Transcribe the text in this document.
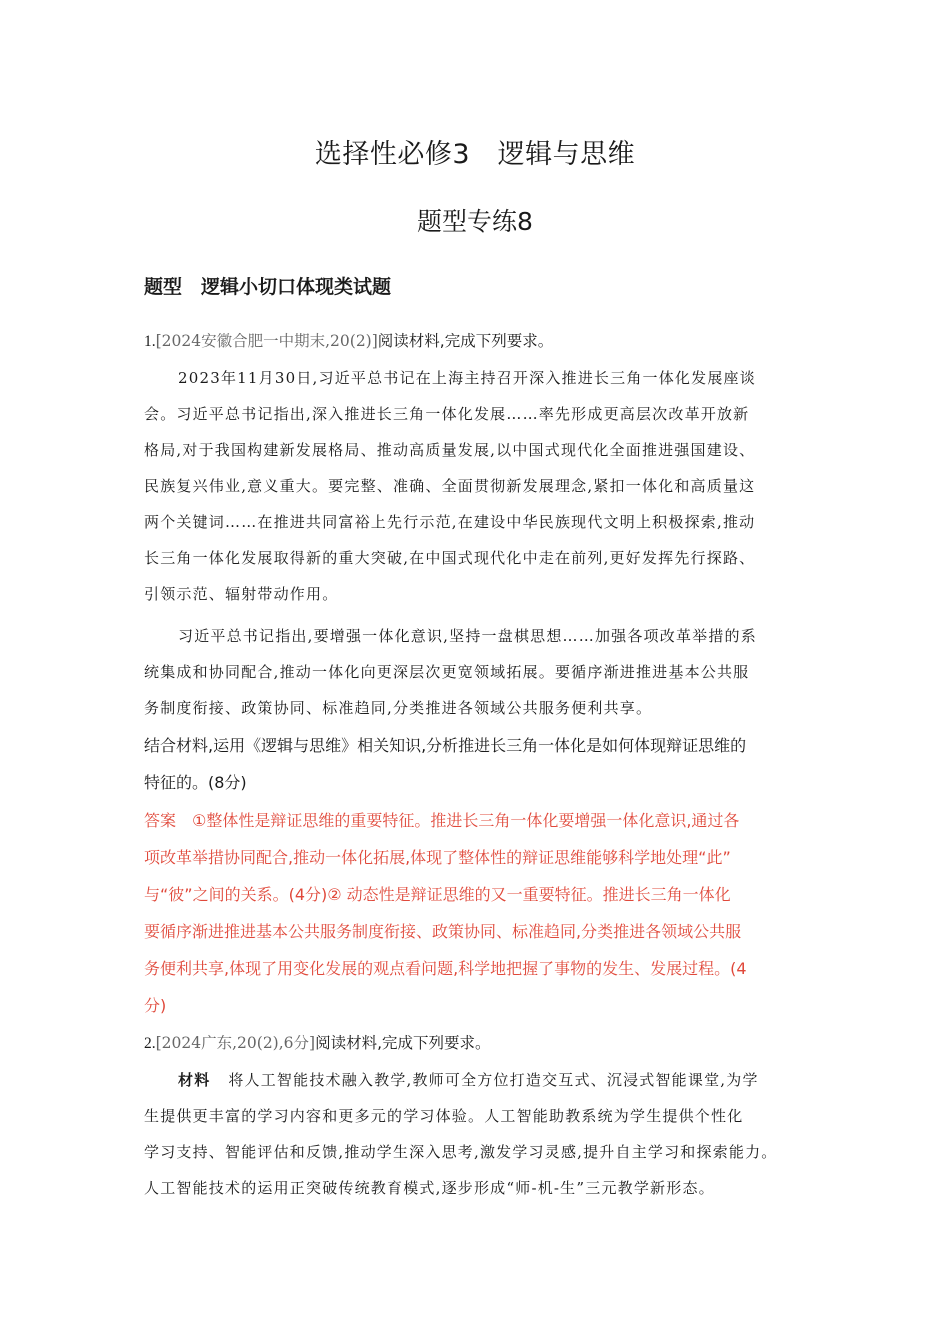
选择性必修3　逻辑与思维
题型专练8
题型　逻辑小切口体现类试题
1.[2024安徽合肥一中期末,20(2)]阅读材料,完成下列要求。
2023年11月30日,习近平总书记在上海主持召开深入推进长三角一体化发展座谈
会。习近平总书记指出,深入推进长三角一体化发展……率先形成更高层次改革开放新
格局,对于我国构建新发展格局、推动高质量发展,以中国式现代化全面推进强国建设、
民族复兴伟业,意义重大。要完整、准确、全面贯彻新发展理念,紧扣一体化和高质量这
两个关键词……在推进共同富裕上先行示范,在建设中华民族现代文明上积极探索,推动
长三角一体化发展取得新的重大突破,在中国式现代化中走在前列,更好发挥先行探路、
引领示范、辐射带动作用。
习近平总书记指出,要增强一体化意识,坚持一盘棋思想……加强各项改革举措的系
统集成和协同配合,推动一体化向更深层次更宽领域拓展。要循序渐进推进基本公共服
务制度衔接、政策协同、标准趋同,分类推进各领域公共服务便利共享。
结合材料,运用《逻辑与思维》相关知识,分析推进长三角一体化是如何体现辩证思维的
特征的。(8分)
答案　①整体性是辩证思维的重要特征。推进长三角一体化要增强一体化意识,通过各
项改革举措协同配合,推动一体化拓展,体现了整体性的辩证思维能够科学地处理“此”
与“彼”之间的关系。(4分)② 动态性是辩证思维的又一重要特征。推进长三角一体化
要循序渐进推进基本公共服务制度衔接、政策协同、标准趋同,分类推进各领域公共服
务便利共享,体现了用变化发展的观点看问题,科学地把握了事物的发生、发展过程。(4
分)
2.[2024广东,20(2),6分]阅读材料,完成下列要求。
材料 将人工智能技术融入教学,教师可全方位打造交互式、沉浸式智能课堂,为学
生提供更丰富的学习内容和更多元的学习体验。人工智能助教系统为学生提供个性化
学习支持、智能评估和反馈,推动学生深入思考,激发学习灵感,提升自主学习和探索能力。
人工智能技术的运用正突破传统教育模式,逐步形成“师-机-生”三元教学新形态。
